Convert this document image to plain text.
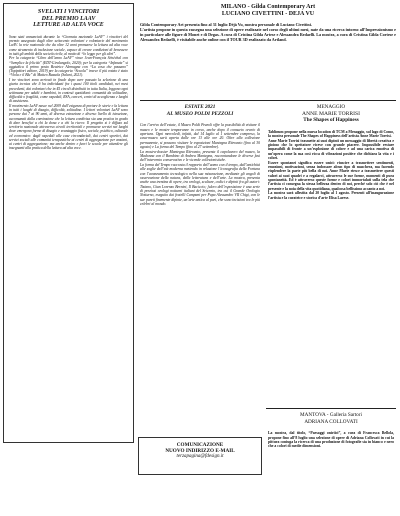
SVELATI I VINCITORI
DEL PREMIO LAAV
LETTURE AD ALTA VOCE
Sono stati annunciati durante la “Giornata nazionale LaAV” i vincitori del premio assegnato dagli oltre settecento volontari e volontarie del movimento LaAV. la rete nazionale che da oltre 12 anni promuove la lettura ad alta voce come strumento di inclusione sociale, capace di creare condizioni di benessere in tutti gli ambiti della società civile, al motto di “lo leggo per gli altri”.
Per la categoria “Libro dell’anno LaAV” vince Jean-François Sénéchal con “Semplice la felicità” (EDT-Giralangolo, 2020); per la categoria “Infanzia” si aggiudica il primo posto Beatrice Alemagna con “La cosa che passano” (Topipittori editore, 2019) per la categoria “Scuola” invece il più votato è stato “Viola e il Blu” di Matteo Bussola (Salani, 2021).
I tre vincitori sono arrivati in finale dopo aver passato la selezione di una giuria tecnica che li ha individuati fra i quasi 100 titoli candidati, nei mesi precedenti, dai volontari che in 45 circoli distribuiti in tutta Italia, leggono ogni settimana per adulti e bambini, in contesti quotidiani: comunità da solitudine, difficoltà o fragilità, come ospedali, RSA, carceri, centri di accoglienza e luoghi di assistenza.
Il movimento LaAV nasce nel 2009 dall’esigenza di portare le storie e la lettura in tutti i luoghi di disagio, difficoltà, solitudine. I lettori volontari LaAV sono persone dai 7 ai 90 anni, di diversa estrazione e diverso livello di istruzione, accomunati dalla convinzione che la lettura condivisa sia una pratica in grado di dare benefici a chi la dona e a chi la riceve. Il progetto si è diffuso sul territorio nazionale attraverso circoli territoriali e promuove servizi nei luoghi dove emergono forme di disagio e svantaggio fisico, sociale, psichico, culturale ed economico: dagli ospedali alle case circondariali, dai centri sportivi, dai servizi sociali alle comunità terapeutiche ai centri di aggregazione per anziani, ai centri di aggregazione; ma anche dentro e fuori le scuole per attendere gli insegnanti alla pratica della lettura ad alta voce.
MILANO - Gilda Contemporary Art
LUCIANO CIVETTINI - DEJA VU
Gilda Contemporary Art presenta fino al 31 luglio Déjà Vu, mostra personale di Luciano Civettini.
L’artista propone in questa rassegna una selezione di opere realizzate nel corso degli ultimi mesi, nate da una ricerca intorno all’Impressionismo e in particolare alle figure di Monet e di Degas. A cura di Cristina Gilda Artese e Alessandra Redaelli. La mostra, a cura di Cristina Gilda Cortese e Alessandra Redaelli, è visitabile anche online con il TOUR 3D realizzato da Artland.
ESTATE 2021
AL MUSEO POLDI PEZZOLI
Con l’arrivo dell’estate, il Museo Poldi Pezzoli offre la possibilità di visitare il museo e le mostre temporanee in corso, anche dopo il consueto orario di apertura. Ogni mercoledì, infatti, dal 14 luglio al 1 settembre compreso, la casa-museo sarà aperta dalle ore 13 alle ore 20. Oltre alla collezione permanente, si possono visitare le esposizioni Mantegna Ritrovato (fino al 30 agosto) e La forma del Tempo (fino al 27 settembre).
La mostra-dossier Mantegna Ritrovato, presenta il capolavoro del museo, la Madonna con il Bambino di Andrea Mantegna, raccontandone le diverse fasi dell’intervento conservativo e le vicende collezionistiche.
La forma del Tempo racconta il rapporto dell’uomo con il tempo, dall’antichità alle soglie dell’età moderna mettendo in relazione l’iconografia della Fortuna con l’avanzamento tecnologico nella sua misurazione, mediante gli angoli di osservazione della natura, della letteratura e dell’arte. La mostra, presenta anche una trentina di opere, tra orologi, sculture, codici e dipinti fra gli autori: Tiziano, Gian Lorenzo Bernini, Il Baciccio; fulcro dell’esposizione è una serie di preziosi orologi notturni italiani del Seicento, tra cui il Grande Orologio Notturno, eseguito dai fratelli Campani per Papa Alessandro VII Chigi, con le sue pareti finemente dipinte, un’arte antica al pari, che sono incisioni tra le più celebri al mondo.
COMUNICAZIONE
NUOVO INDIRIZZO E-MAIL
terzapagina@fdesign.it
MENAGGIO
ANNE MARIE TORRISI
The Shapes of Happiness
Tablinum propone nella nuova location di TCM a Menaggio, sul lago di Como, la mostra personale The Shapes of Happiness dell’artista Anne Marie Torrisi.
Anne Marie Torrisi trasmette ai suoi dipinti un messaggio di libertà creativa e gioioso che lo spettatore riceve con grande piacere. Impossibile restare impassibili di fronte a un’esplosione di colore e ad una carica emotiva di un’opera come la sua così ricca di vibrazioni positive che dichiara la vita e i colori.
Essere spontanei significa essere unici: riuscire a trasmettere sentimenti, emozioni, motivazioni, senza indossare alcun tipo di maschera, ma facendo risplendere la parte più bella di noi. Anne Marie riesce a trasmettere questi valori ai suoi quadri e a regalarci, attraverso le sue forme, momenti di pura spontaneità. Ed è attraverso queste forme e colori immortalati sulla tela che l’artista ci consegna la stessa bellezza dentro di noi, perché solo ciò che è nel presente e la noia della vita quotidiana, qualcosa bellissimo accanto a noi.
La mostra sarà allestita dal 20 luglio al 1 agosto. Presenti all’inaugurazione l’artista e la curatrice e storica d’arte Elisa Larese.
MANTOVA - Galleria Sartori
ADRIANA COLLOVATI
La mostra, dal titolo, “Paesaggi oniriici”, a cura di Francesca Bellola, propone fino all’8 luglio una selezione di opere di Adriana Collovati in cui la pittura coniuga la ricerca di una produzione di fotografie sia in bianco e nero che a colori di medie dimensioni.
